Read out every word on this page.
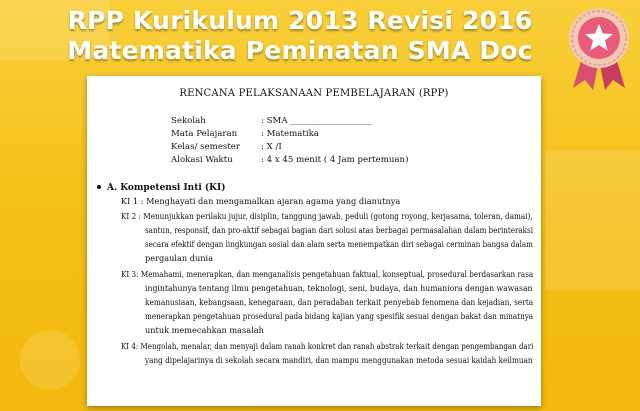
RPP Kurikulum 2013 Revisi 2016
Matematika Peminatan SMA Doc
RENCANA PELAKSANAAN PEMBELAJARAN (RPP)
Sekolah	: SMA ___________________
Mata Pelajaran	: Matematika
Kelas/ semester	: X /I
Alokasi Waktu	: 4 x 45 menit ( 4 Jam pertemuan)
A. Kompetensi Inti (KI)
KI 1 : Menghayati dan mengamalkan ajaran agama yang dianutnya
KI 2 : Menunjukkan perilaku jujur, disiplin, tanggung jawab, peduli (gotong royong, kerjasama, toleran, damai),
santun, responsif, dan pro-aktif sebagai bagian dari solusi atas berbagai permasalahan dalam berinteraksi
secara efektif dengan lingkungan sosial dan alam serta menempatkan diri sebagai cerminan bangsa dalam
pergaulan dunia
KI 3: Memahami, menerapkan, dan menganalisis pengetahuan faktual, konseptual, prosedural berdasarkan rasa
ingintahunya tentang ilmu pengetahuan, teknologi, seni, budaya, dan humaniora dengan wawasan
kemanusiaan, kebangsaan, kenegaraan, dan peradaban terkait penyebab fenomena dan kejadian, serta
menerapkan pengetahuan prosedural pada bidang kajian yang spesifik sesuai dengan bakat dan minatnya
untuk memecahkan masalah
KI 4: Mengolah, menalar, dan menyaji dalam ranah konkret dan ranah abstrak terkait dengan pengembangan dari
yang dipelajarinya di sekolah secara mandiri, dan mampu menggunakan metoda sesuai kaidah keilmuan
